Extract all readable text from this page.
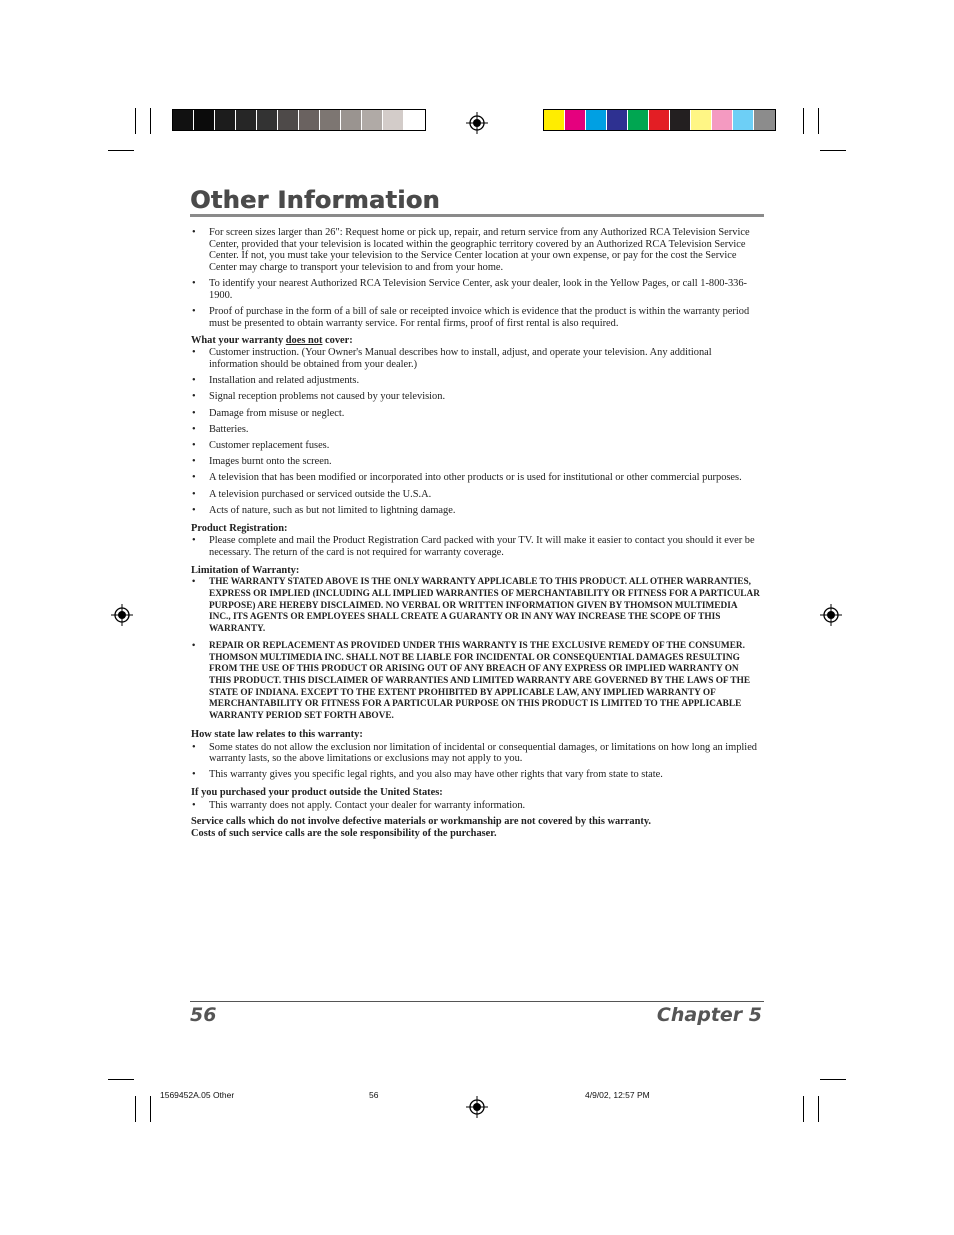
Other Information
• For screen sizes larger than 26": Request home or pick up, repair, and return service from any Authorized RCA Television Service Center, provided that your television is located within the geographic territory covered by an Authorized RCA Television Service Center. If not, you must take your television to the Service Center location at your own expense, or pay for the cost the Service Center may charge to transport your television to and from your home.
• To identify your nearest Authorized RCA Television Service Center, ask your dealer, look in the Yellow Pages, or call 1-800-336-1900.
• Proof of purchase in the form of a bill of sale or receipted invoice which is evidence that the product is within the warranty period must be presented to obtain warranty service. For rental firms, proof of first rental is also required.
What your warranty does not cover:
• Customer instruction. (Your Owner's Manual describes how to install, adjust, and operate your television. Any additional information should be obtained from your dealer.)
• Installation and related adjustments.
• Signal reception problems not caused by your television.
• Damage from misuse or neglect.
• Batteries.
• Customer replacement fuses.
• Images burnt onto the screen.
• A television that has been modified or incorporated into other products or is used for institutional or other commercial purposes.
• A television purchased or serviced outside the U.S.A.
• Acts of nature, such as but not limited to lightning damage.
Product Registration:
• Please complete and mail the Product Registration Card packed with your TV. It will make it easier to contact you should it ever be necessary. The return of the card is not required for warranty coverage.
Limitation of Warranty:
• THE WARRANTY STATED ABOVE IS THE ONLY WARRANTY APPLICABLE TO THIS PRODUCT. ALL OTHER WARRANTIES, EXPRESS OR IMPLIED (INCLUDING ALL IMPLIED WARRANTIES OF MERCHANTABILITY OR FITNESS FOR A PARTICULAR PURPOSE) ARE HEREBY DISCLAIMED. NO VERBAL OR WRITTEN INFORMATION GIVEN BY THOMSON MULTIMEDIA INC., ITS AGENTS OR EMPLOYEES SHALL CREATE A GUARANTY OR IN ANY WAY INCREASE THE SCOPE OF THIS WARRANTY.
• REPAIR OR REPLACEMENT AS PROVIDED UNDER THIS WARRANTY IS THE EXCLUSIVE REMEDY OF THE CONSUMER. THOMSON MULTIMEDIA INC. SHALL NOT BE LIABLE FOR INCIDENTAL OR CONSEQUENTIAL DAMAGES RESULTING FROM THE USE OF THIS PRODUCT OR ARISING OUT OF ANY BREACH OF ANY EXPRESS OR IMPLIED WARRANTY ON THIS PRODUCT. THIS DISCLAIMER OF WARRANTIES AND LIMITED WARRANTY ARE GOVERNED BY THE LAWS OF THE STATE OF INDIANA. EXCEPT TO THE EXTENT PROHIBITED BY APPLICABLE LAW, ANY IMPLIED WARRANTY OF MERCHANTABILITY OR FITNESS FOR A PARTICULAR PURPOSE ON THIS PRODUCT IS LIMITED TO THE APPLICABLE WARRANTY PERIOD SET FORTH ABOVE.
How state law relates to this warranty:
• Some states do not allow the exclusion nor limitation of incidental or consequential damages, or limitations on how long an implied warranty lasts, so the above limitations or exclusions may not apply to you.
• This warranty gives you specific legal rights, and you also may have other rights that vary from state to state.
If you purchased your product outside the United States:
• This warranty does not apply. Contact your dealer for warranty information.
Service calls which do not involve defective materials or workmanship are not covered by this warranty.
Costs of such service calls are the sole responsibility of the purchaser.
56	Chapter 5
1569452A.05 Other	56	4/9/02, 12:57 PM
